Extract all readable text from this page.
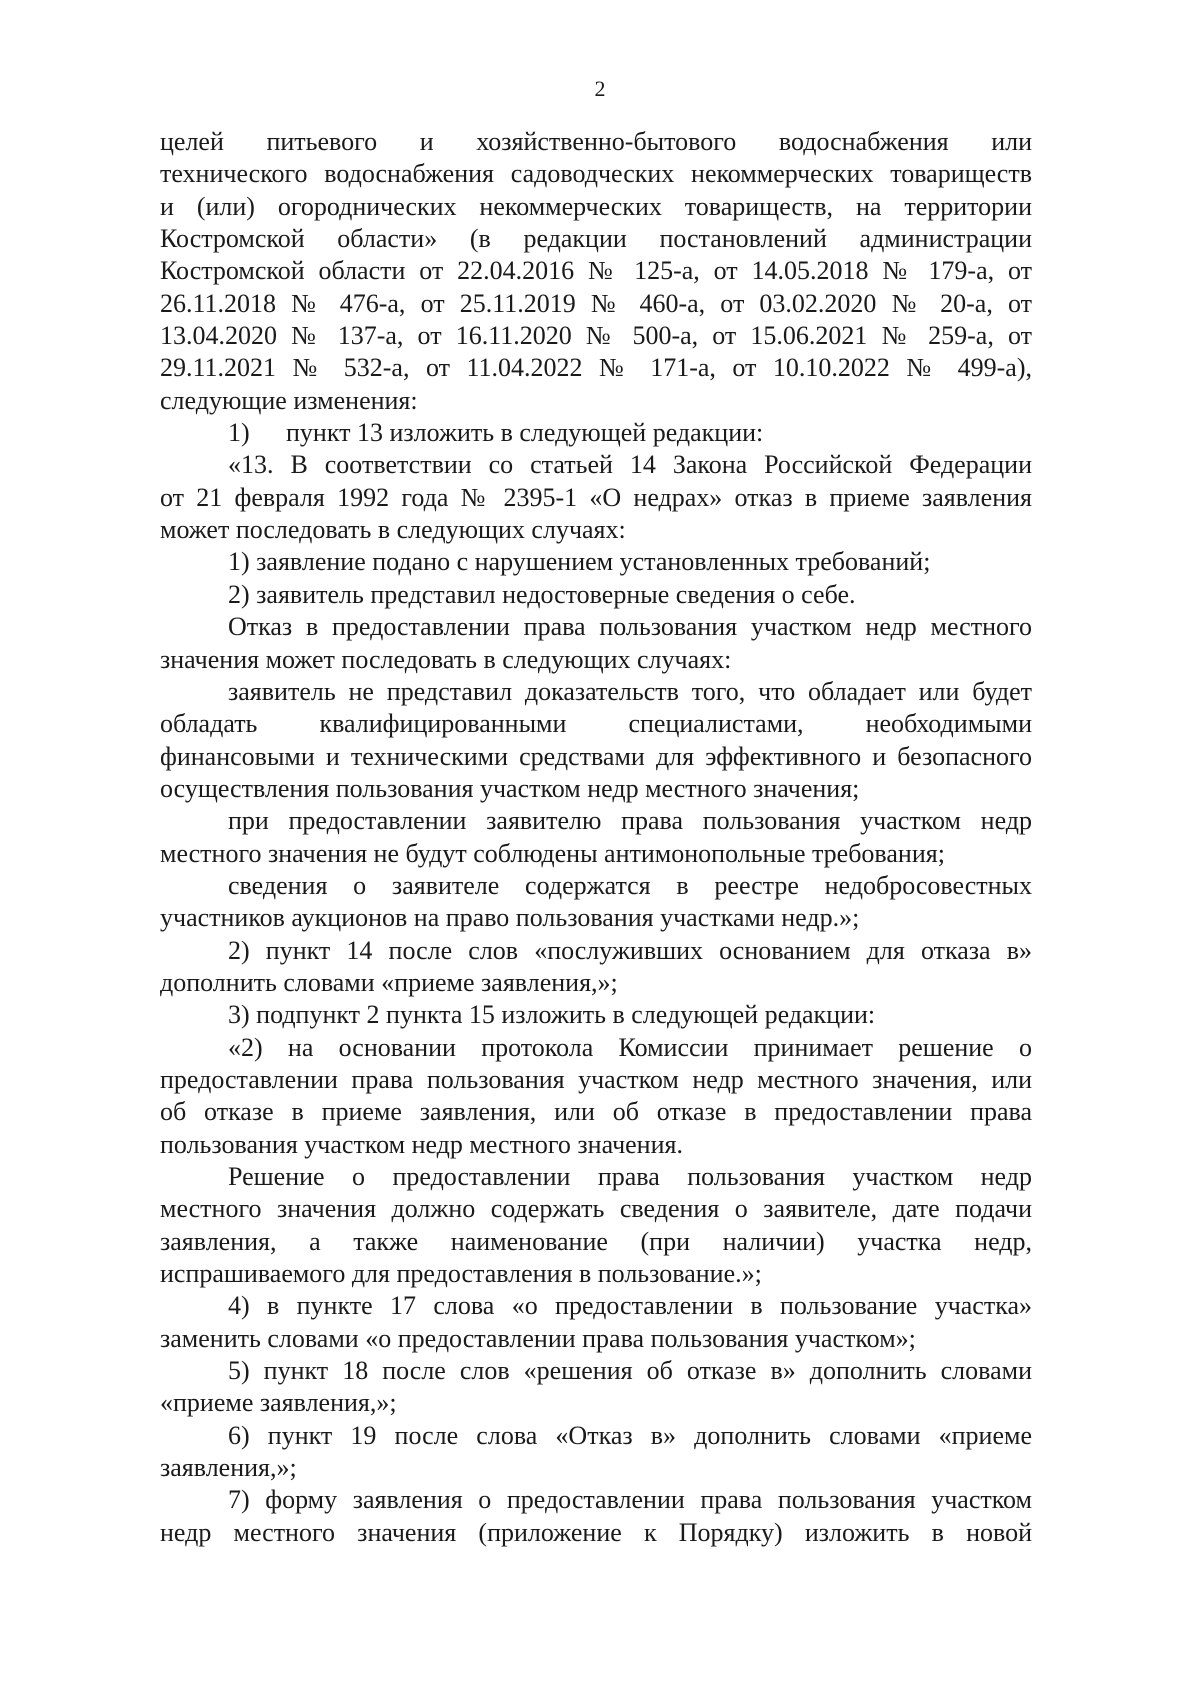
2
целей питьевого и хозяйственно-бытового водоснабжения или
технического водоснабжения садоводческих некоммерческих товариществ
и (или) огороднических некоммерческих товариществ, на территории
Костромской области» (в редакции постановлений администрации
Костромской области от 22.04.2016 № 125-а, от 14.05.2018 № 179-а, от
26.11.2018 № 476-а, от 25.11.2019 № 460-а, от 03.02.2020 № 20-а, от
13.04.2020 № 137-а, от 16.11.2020 № 500-а, от 15.06.2021 № 259-а, от
29.11.2021 № 532-а, от 11.04.2022 № 171-а, от 10.10.2022 № 499-а),
следующие изменения:
1) пункт 13 изложить в следующей редакции:
«13. В соответствии со статьей 14 Закона Российской Федерации
от 21 февраля 1992 года № 2395-1 «О недрах» отказ в приеме заявления
может последовать в следующих случаях:
1) заявление подано с нарушением установленных требований;
2) заявитель представил недостоверные сведения о себе.
Отказ в предоставлении права пользования участком недр местного
значения может последовать в следующих случаях:
заявитель не представил доказательств того, что обладает или будет
обладать квалифицированными специалистами, необходимыми
финансовыми и техническими средствами для эффективного и безопасного
осуществления пользования участком недр местного значения;
при предоставлении заявителю права пользования участком недр
местного значения не будут соблюдены антимонопольные требования;
сведения о заявителе содержатся в реестре недобросовестных
участников аукционов на право пользования участками недр.»;
2) пункт 14 после слов «послуживших основанием для отказа в»
дополнить словами «приеме заявления,»;
3) подпункт 2 пункта 15 изложить в следующей редакции:
«2) на основании протокола Комиссии принимает решение о
предоставлении права пользования участком недр местного значения, или
об отказе в приеме заявления, или об отказе в предоставлении права
пользования участком недр местного значения.
Решение о предоставлении права пользования участком недр
местного значения должно содержать сведения о заявителе, дате подачи
заявления, а также наименование (при наличии) участка недр,
испрашиваемого для предоставления в пользование.»;
4) в пункте 17 слова «о предоставлении в пользование участка»
заменить словами «о предоставлении права пользования участком»;
5) пункт 18 после слов «решения об отказе в» дополнить словами
«приеме заявления,»;
6) пункт 19 после слова «Отказ в» дополнить словами «приеме
заявления,»;
7) форму заявления о предоставлении права пользования участком
недр местного значения (приложение к Порядку) изложить в новой
